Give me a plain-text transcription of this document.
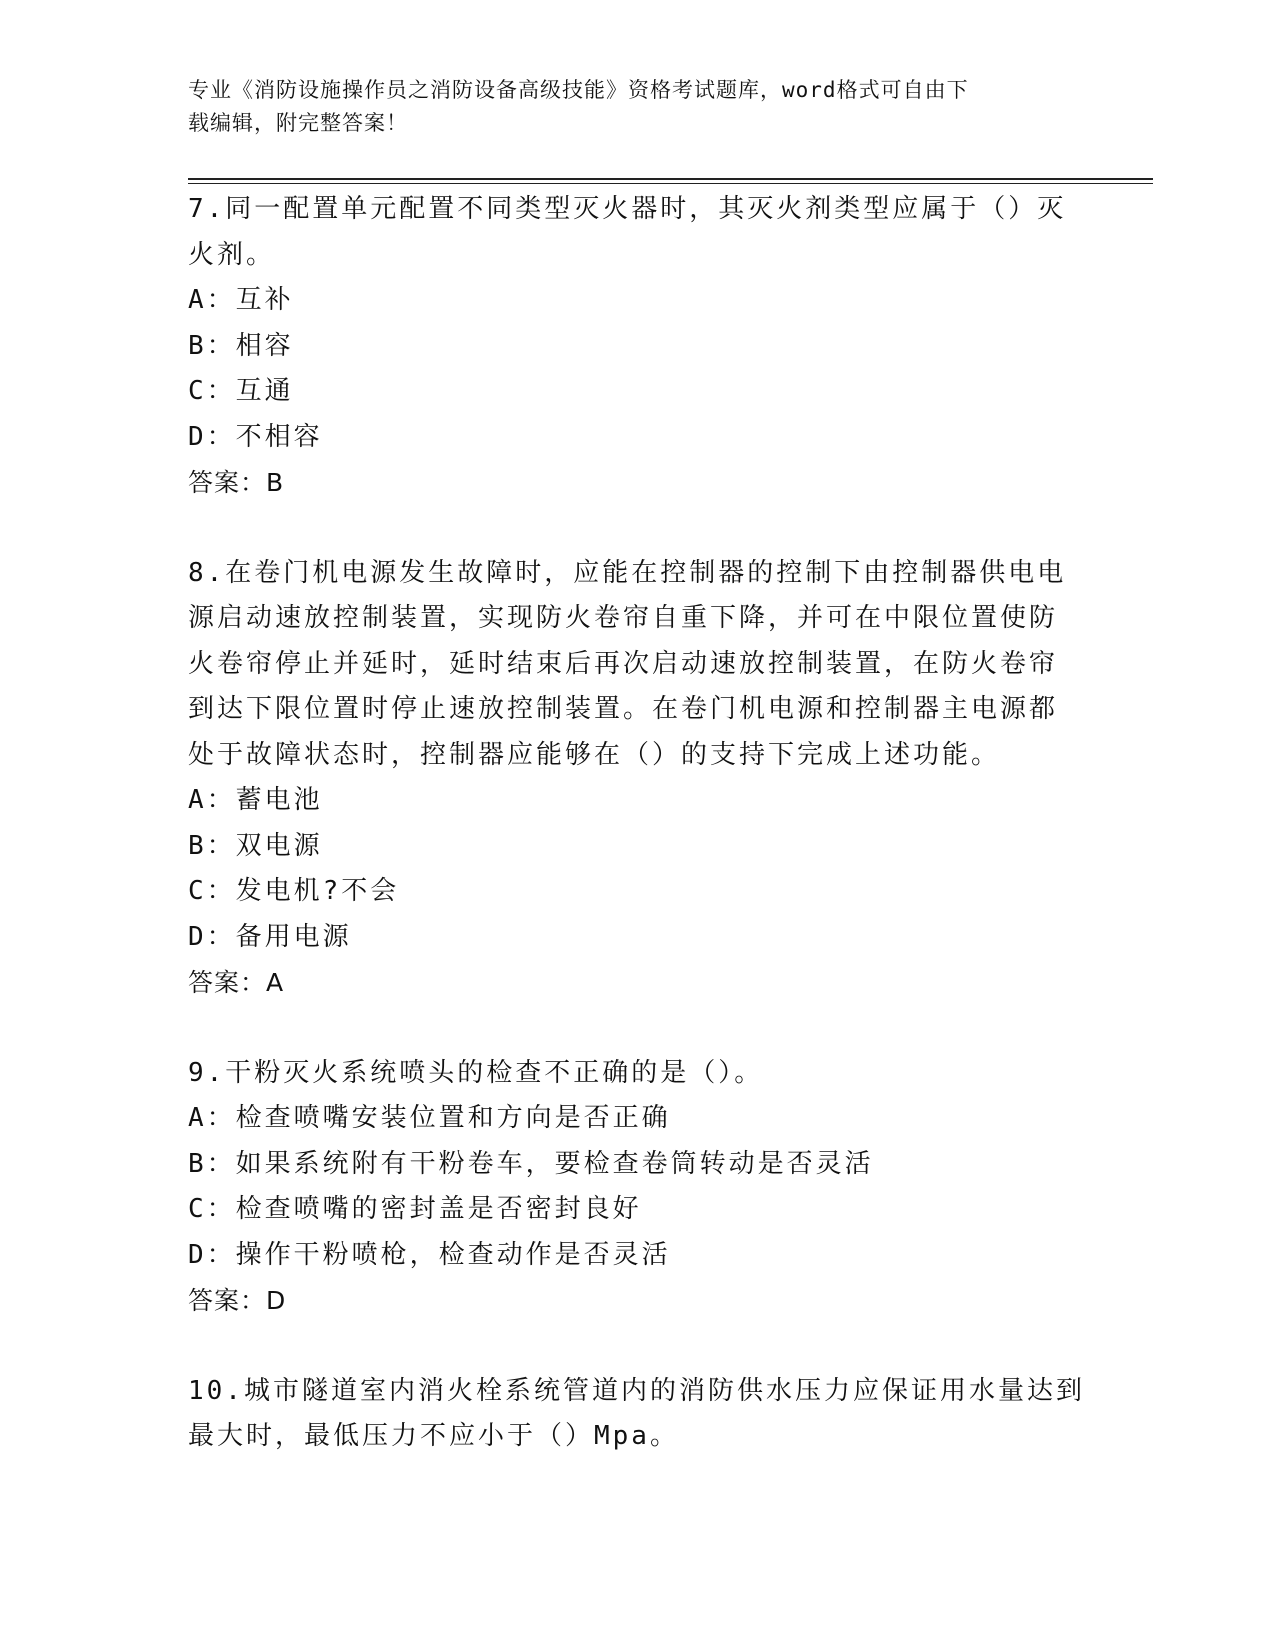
专业《消防设施操作员之消防设备高级技能》资格考试题库，word格式可自由下
载编辑，附完整答案！
7.同一配置单元配置不同类型灭火器时，其灭火剂类型应属于（）灭
火剂。
A：互补
B：相容
C：互通
D：不相容
答案：B
8.在卷门机电源发生故障时，应能在控制器的控制下由控制器供电电
源启动速放控制装置，实现防火卷帘自重下降，并可在中限位置使防
火卷帘停止并延时，延时结束后再次启动速放控制装置，在防火卷帘
到达下限位置时停止速放控制装置。在卷门机电源和控制器主电源都
处于故障状态时，控制器应能够在（）的支持下完成上述功能。
A：蓄电池
B：双电源
C：发电机?不会
D：备用电源
答案：A
9.干粉灭火系统喷头的检查不正确的是（）。
A：检查喷嘴安装位置和方向是否正确
B：如果系统附有干粉卷车，要检查卷筒转动是否灵活
C：检查喷嘴的密封盖是否密封良好
D：操作干粉喷枪，检查动作是否灵活
答案：D
10.城市隧道室内消火栓系统管道内的消防供水压力应保证用水量达到
最大时，最低压力不应小于（）Mpa。
